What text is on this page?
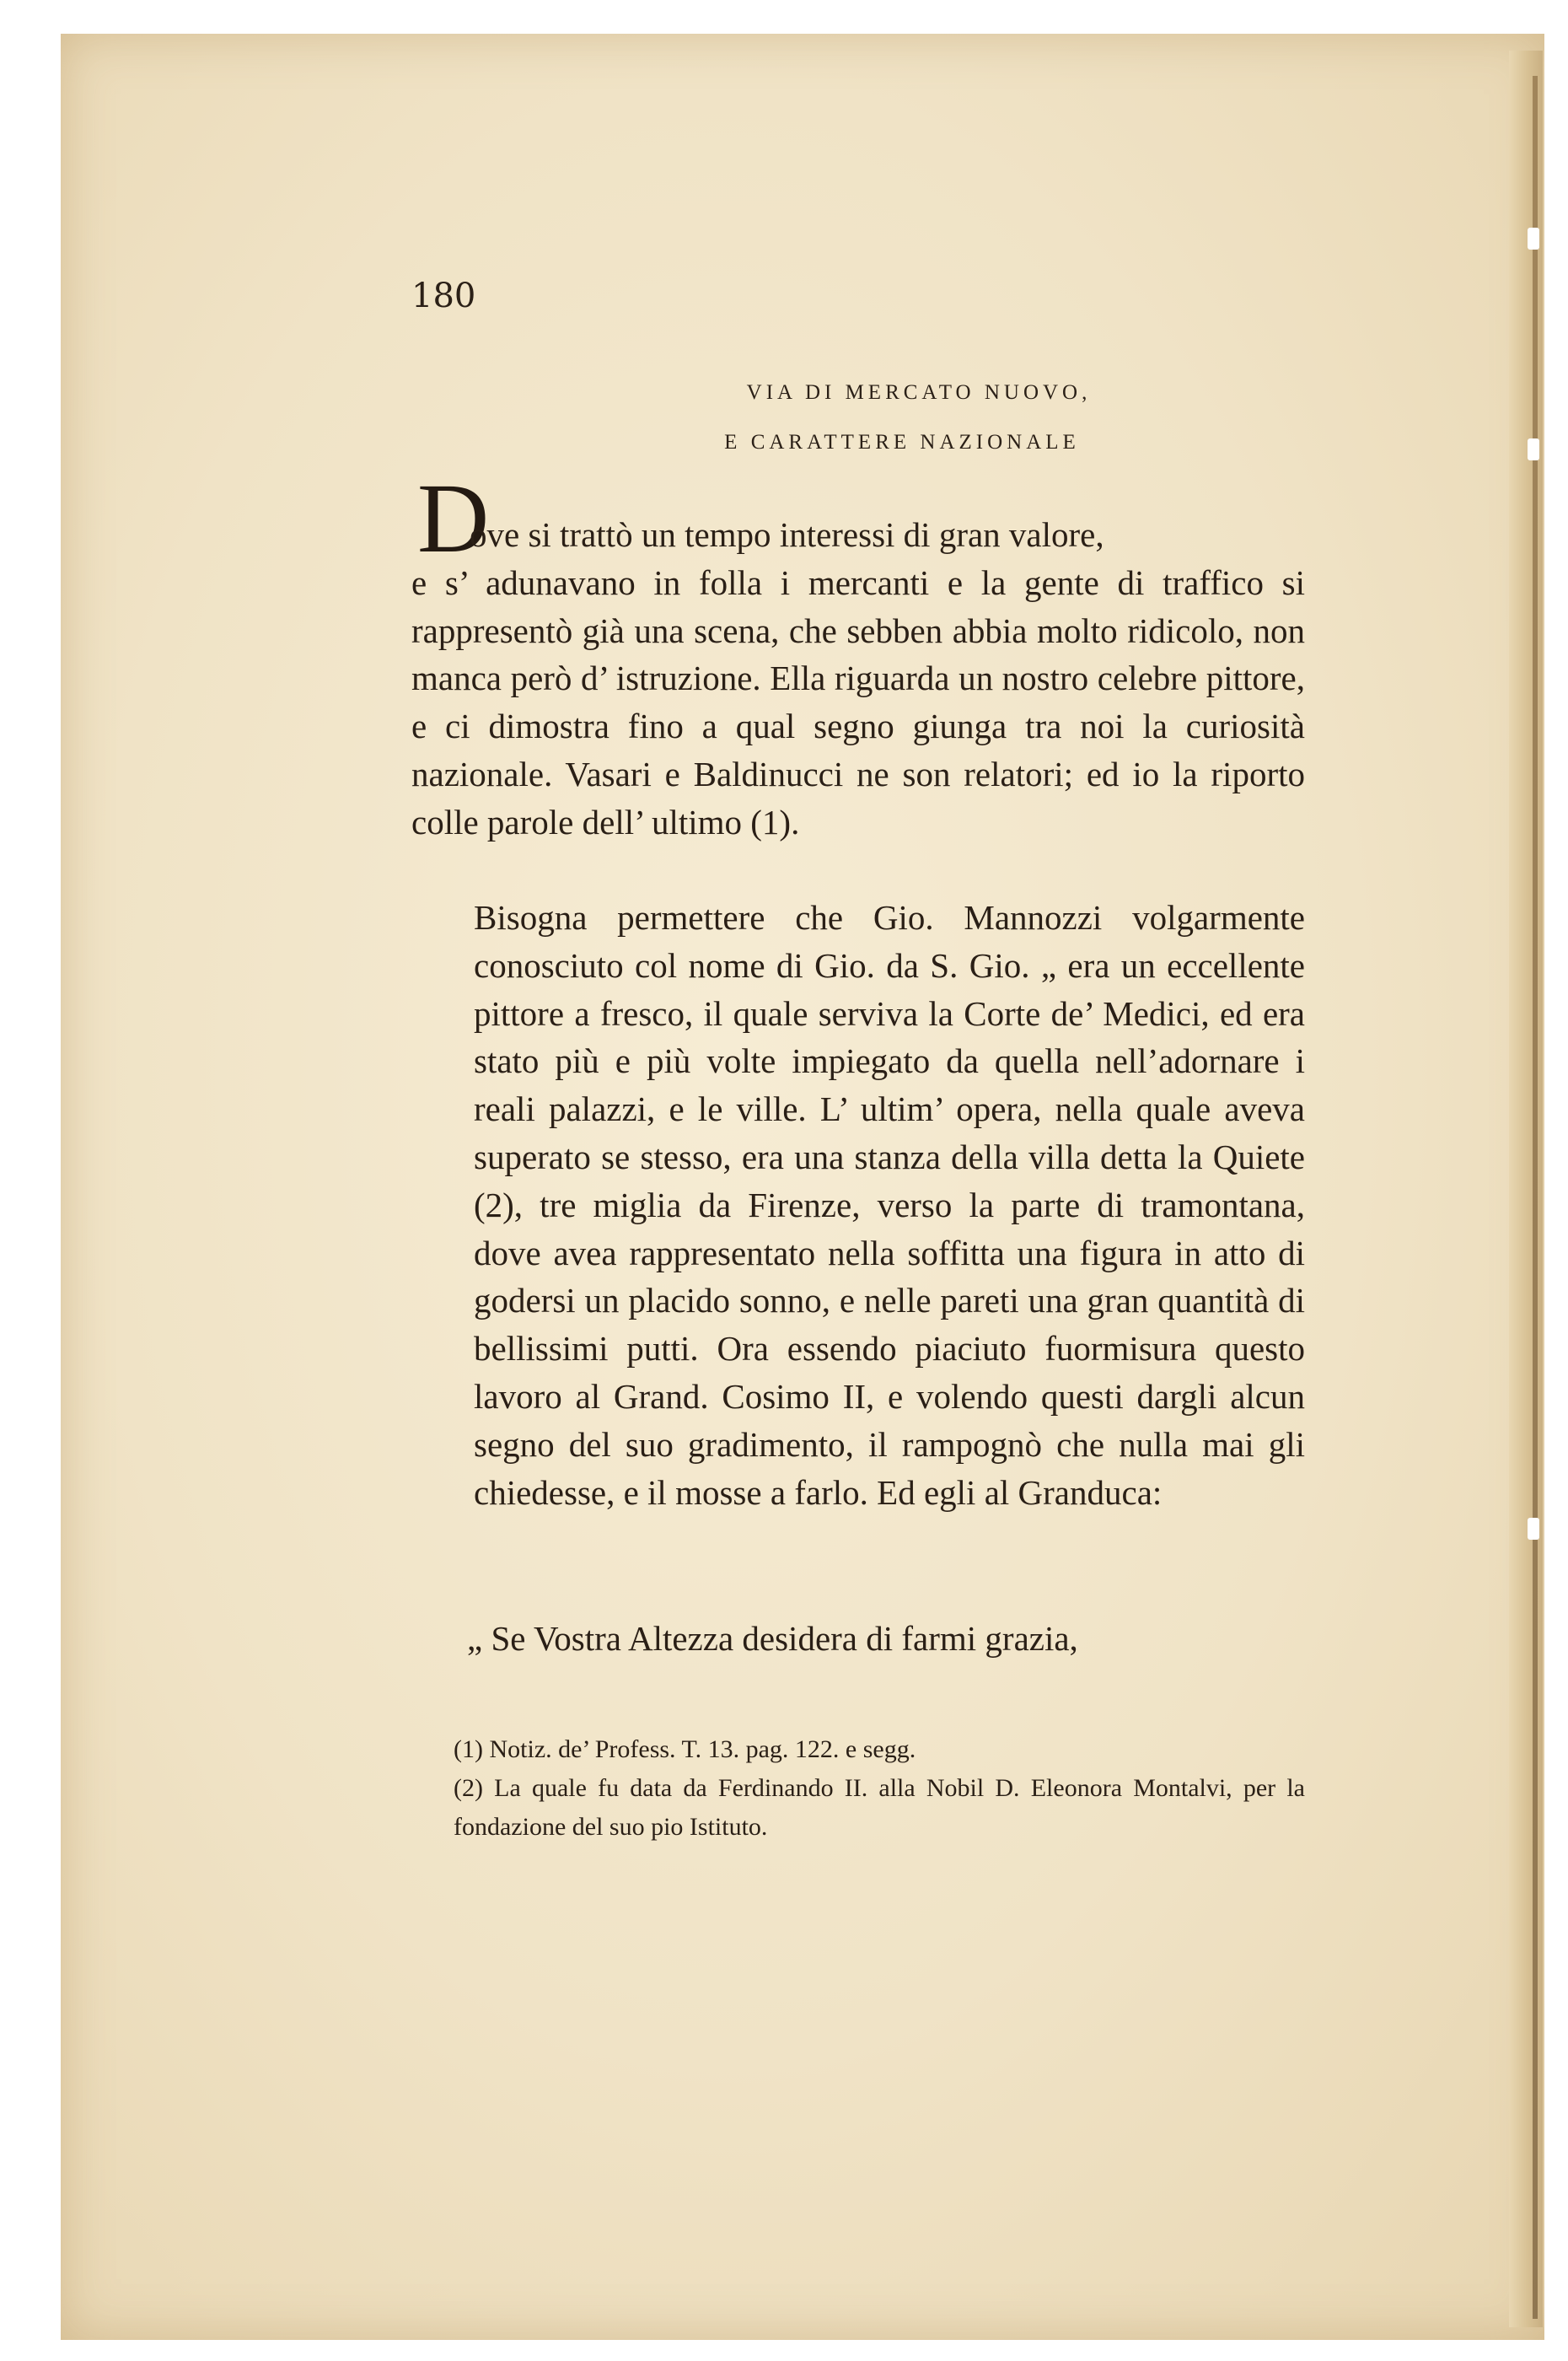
180
VIA DI MERCATO NUOVO,
E CARATTERE NAZIONALE
D
ove si trattò un tempo interessi di gran valore,
e s’ adunavano in folla i mercanti e la gente di traffico si rappresentò già una scena, che sebben abbia molto ridicolo, non manca però d’ istruzione. Ella riguarda un nostro celebre pittore, e ci dimostra fino a qual segno giunga tra noi la curiosità nazionale. Vasari e Baldinucci ne son relatori; ed io la riporto colle parole dell’ ultimo (1).

Bisogna permettere che Gio. Mannozzi volgarmente conosciuto col nome di Gio. da S. Gio. „ era un eccellente pittore a fresco, il quale serviva la Corte de’ Medici, ed era stato più e più volte impiegato da quella nell’adornare i reali palazzi, e le ville. L’ ultim’ opera, nella quale aveva superato se stesso, era una stanza della villa detta la Quiete (2), tre miglia da Firenze, verso la parte di tramontana, dove avea rappresentato nella soffitta una figura in atto di godersi un placido sonno, e nelle pareti una gran quantità di bellissimi putti. Ora essendo piaciuto fuormisura questo lavoro al Grand. Cosimo II, e volendo questi dargli alcun segno del suo gradimento, il rampognò che nulla mai gli chiedesse, e il mosse a farlo. Ed egli al Granduca:

„ Se Vostra Altezza desidera di farmi grazia,

(1) Notiz. de’ Profess. T. 13. pag. 122. e segg.

(2) La quale fu data da Ferdinando II. alla Nobil D. Eleonora Montalvi, per la fondazione del suo pio Istituto.
